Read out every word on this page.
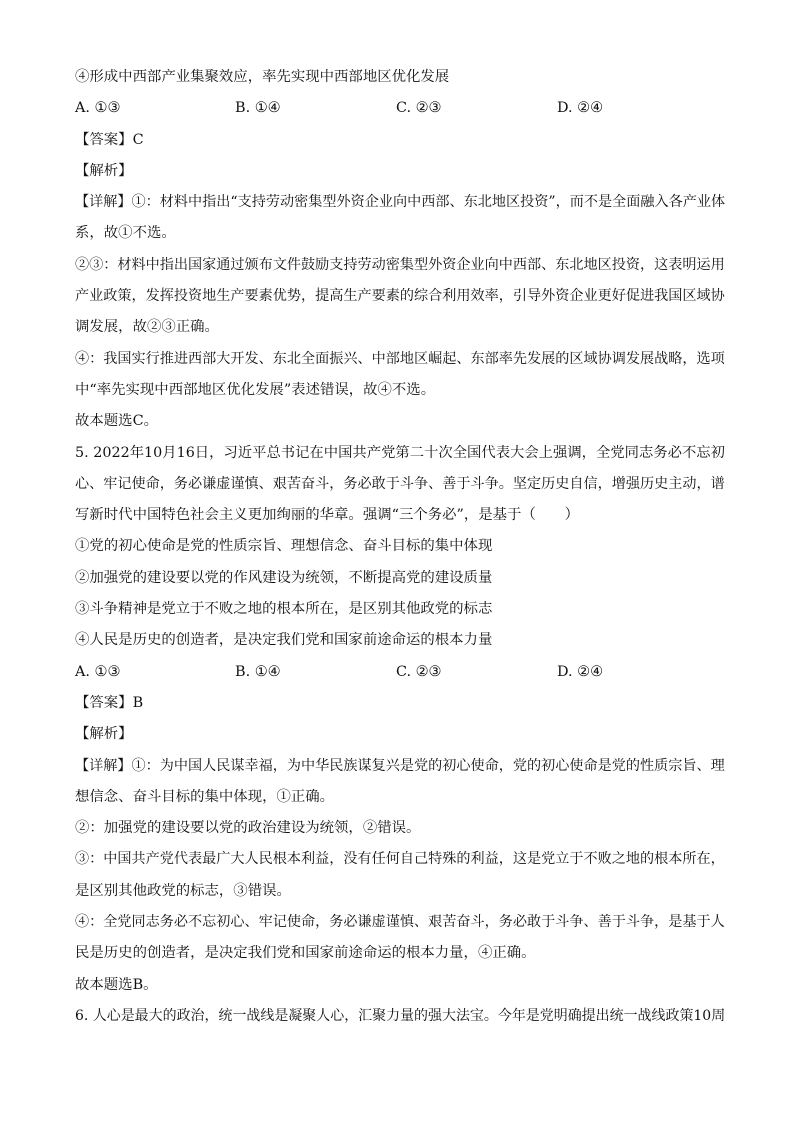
④形成中西部产业集聚效应，率先实现中西部地区优化发展
A. ①③	B. ①④	C. ②③	D. ②④
【答案】C
【解析】
【详解】①：材料中指出“支持劳动密集型外资企业向中西部、东北地区投资”，而不是全面融入各产业体
系，故①不选。
②③：材料中指出国家通过颁布文件鼓励支持劳动密集型外资企业向中西部、东北地区投资，这表明运用
产业政策，发挥投资地生产要素优势，提高生产要素的综合利用效率，引导外资企业更好促进我国区域协
调发展，故②③正确。
④：我国实行推进西部大开发、东北全面振兴、中部地区崛起、东部率先发展的区域协调发展战略，选项
中“率先实现中西部地区优化发展”表述错误，故④不选。
故本题选C。
5. 2022年10月16日，习近平总书记在中国共产党第二十次全国代表大会上强调，全党同志务必不忘初
心、牢记使命，务必谦虚谨慎、艰苦奋斗，务必敢于斗争、善于斗争。坚定历史自信，增强历史主动，谱
写新时代中国特色社会主义更加绚丽的华章。强调“三个务必”，是基于（　　）
①党的初心使命是党的性质宗旨、理想信念、奋斗目标的集中体现
②加强党的建设要以党的作风建设为统领，不断提高党的建设质量
③斗争精神是党立于不败之地的根本所在，是区别其他政党的标志
④人民是历史的创造者，是决定我们党和国家前途命运的根本力量
A. ①③	B. ①④	C. ②③	D. ②④
【答案】B
【解析】
【详解】①：为中国人民谋幸福，为中华民族谋复兴是党的初心使命，党的初心使命是党的性质宗旨、理
想信念、奋斗目标的集中体现，①正确。
②：加强党的建设要以党的政治建设为统领，②错误。
③：中国共产党代表最广大人民根本利益，没有任何自己特殊的利益，这是党立于不败之地的根本所在，
是区别其他政党的标志，③错误。
④：全党同志务必不忘初心、牢记使命，务必谦虚谨慎、艰苦奋斗，务必敢于斗争、善于斗争，是基于人
民是历史的创造者，是决定我们党和国家前途命运的根本力量，④正确。
故本题选B。
6. 人心是最大的政治，统一战线是凝聚人心，汇聚力量的强大法宝。今年是党明确提出统一战线政策10周
